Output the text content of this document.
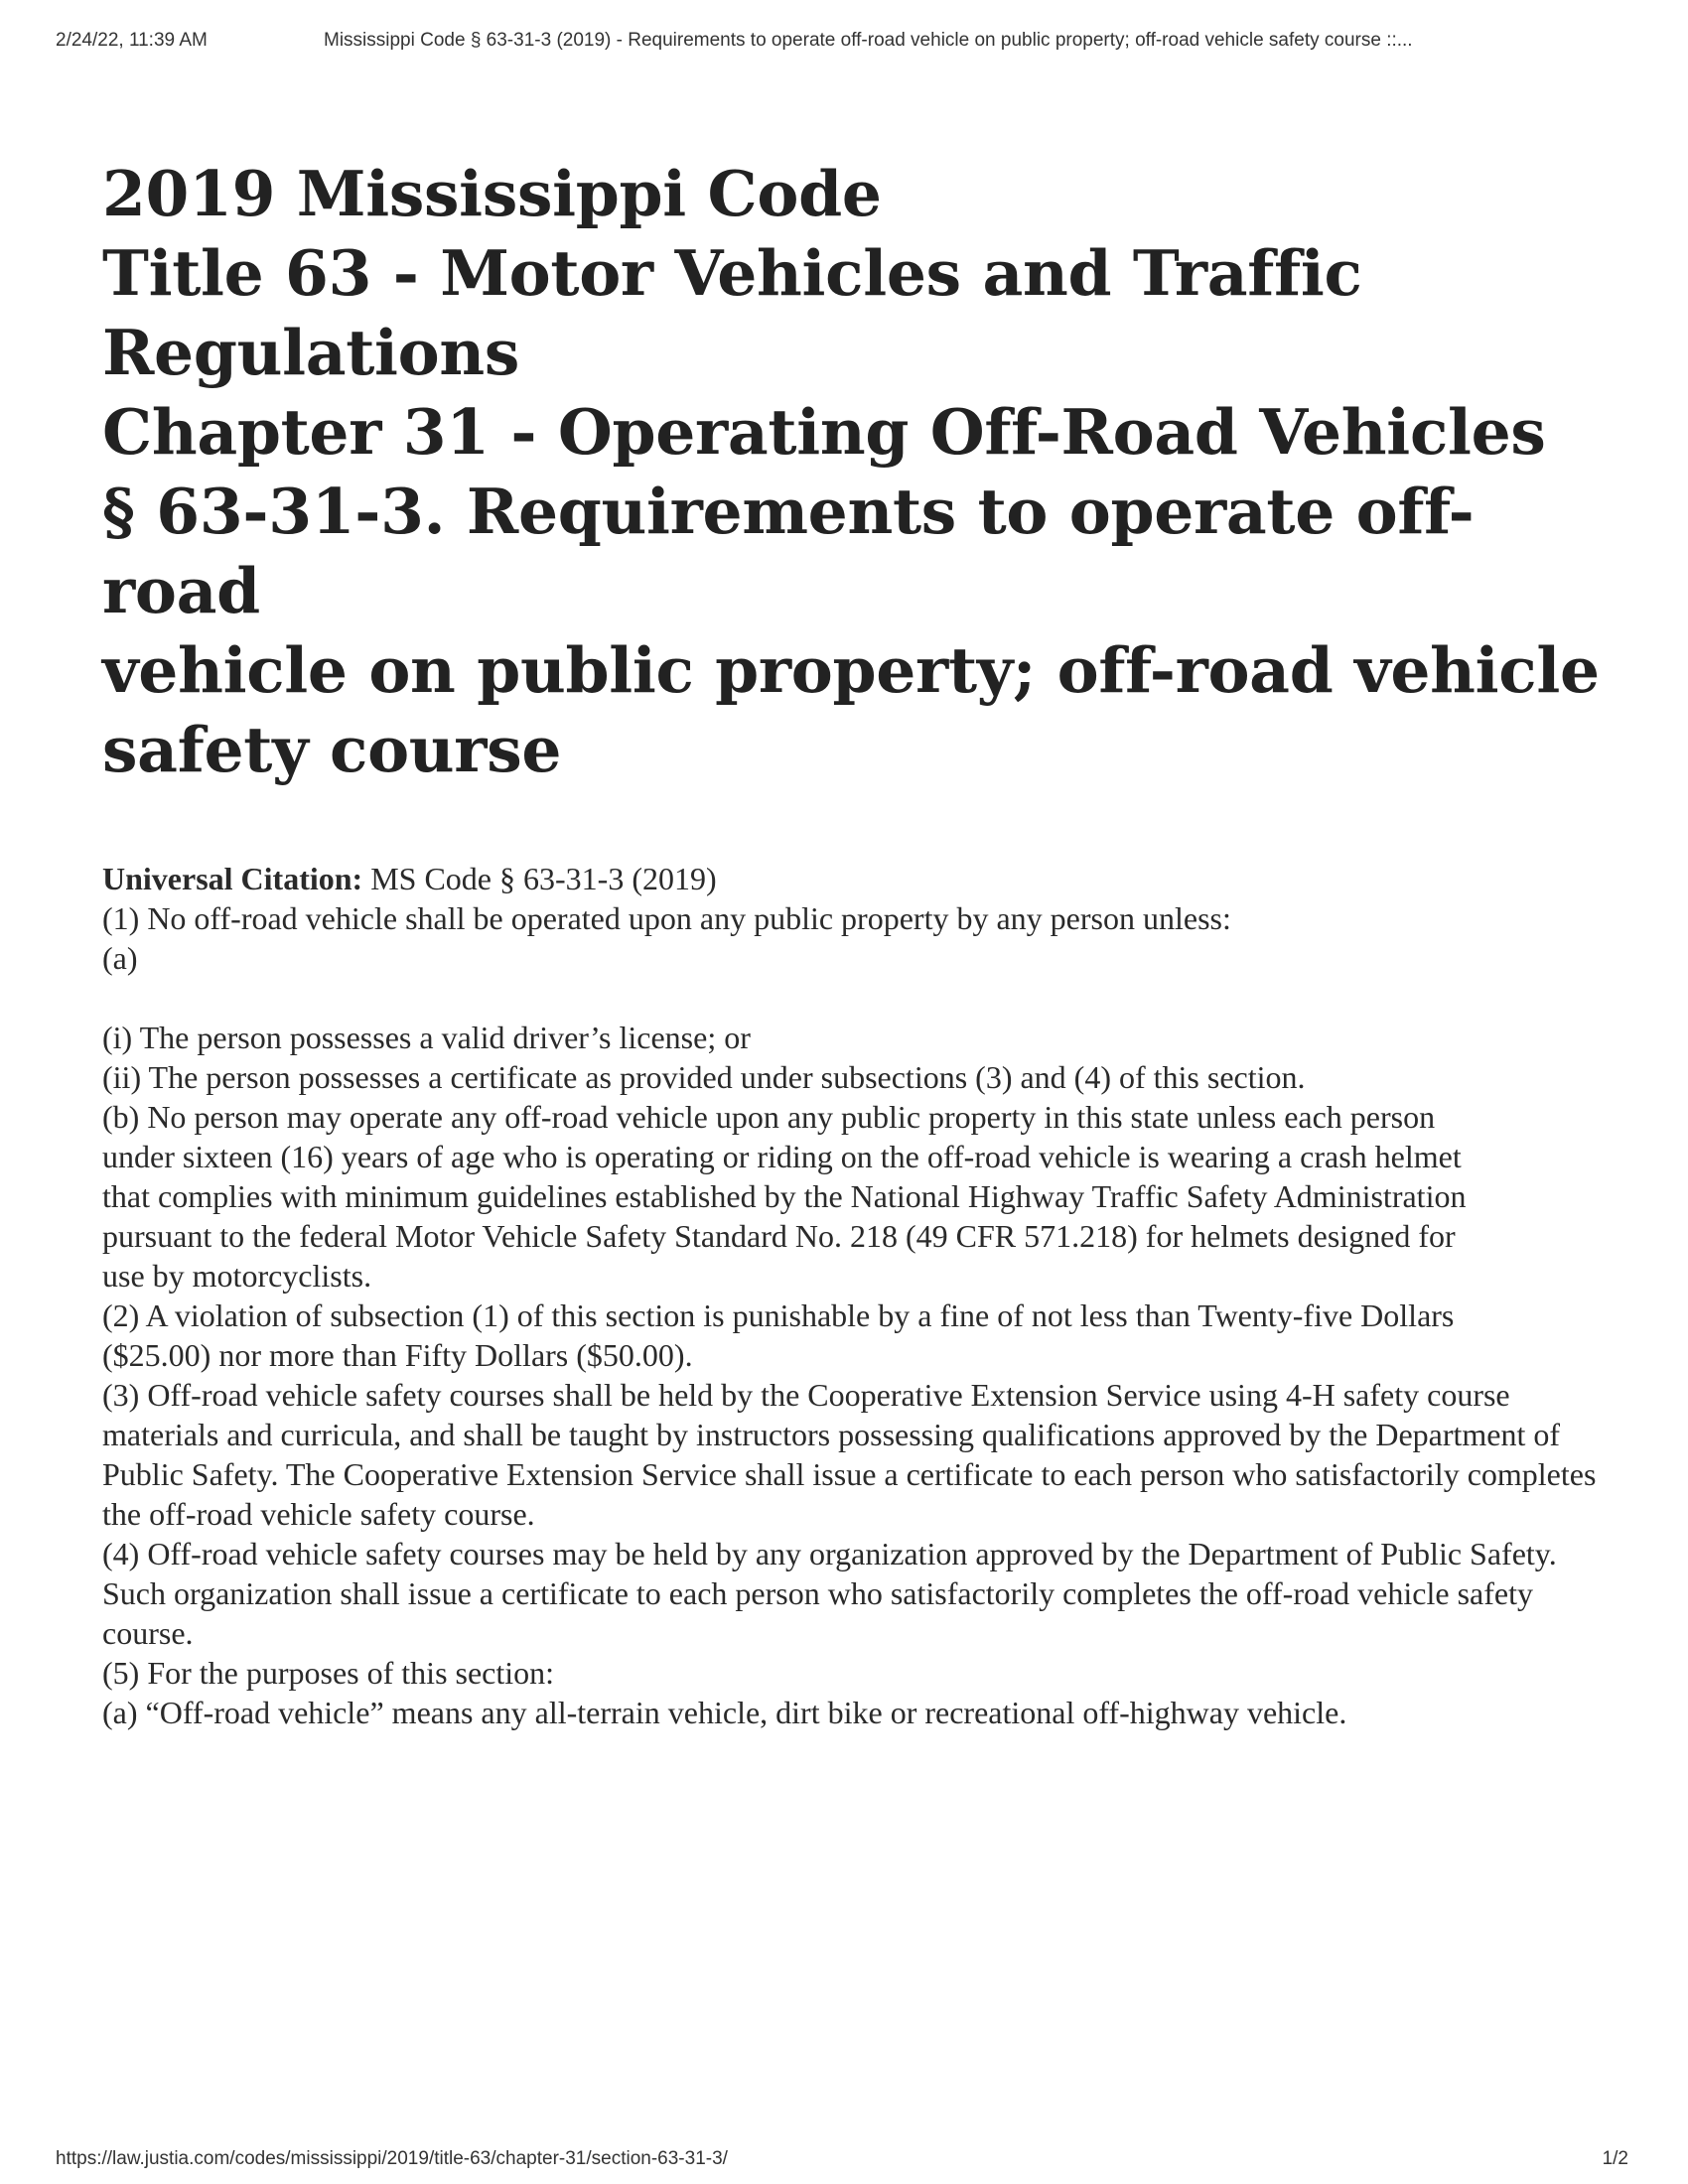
2/24/22, 11:39 AM	Mississippi Code § 63-31-3 (2019) - Requirements to operate off-road vehicle on public property; off-road vehicle safety course ::...
2019 Mississippi Code
Title 63 - Motor Vehicles and Traffic
Regulations
Chapter 31 - Operating Off-Road Vehicles
§ 63-31-3. Requirements to operate off-road
vehicle on public property; off-road vehicle
safety course
Universal Citation: MS Code § 63-31-3 (2019)

(1) No off-road vehicle shall be operated upon any public property by any person unless:

(a)

(i) The person possesses a valid driver’s license; or

(ii) The person possesses a certificate as provided under subsections (3) and (4) of this section.

(b) No person may operate any off-road vehicle upon any public property in this state unless each person under sixteen (16) years of age who is operating or riding on the off-road vehicle is wearing a crash helmet that complies with minimum guidelines established by the National Highway Traffic Safety Administration pursuant to the federal Motor Vehicle Safety Standard No. 218 (49 CFR 571.218) for helmets designed for use by motorcyclists.

(2) A violation of subsection (1) of this section is punishable by a fine of not less than Twenty-five Dollars ($25.00) nor more than Fifty Dollars ($50.00).

(3) Off-road vehicle safety courses shall be held by the Cooperative Extension Service using 4-H safety course materials and curricula, and shall be taught by instructors possessing qualifications approved by the Department of Public Safety. The Cooperative Extension Service shall issue a certificate to each person who satisfactorily completes the off-road vehicle safety course.

(4) Off-road vehicle safety courses may be held by any organization approved by the Department of Public Safety. Such organization shall issue a certificate to each person who satisfactorily completes the off-road vehicle safety course.

(5) For the purposes of this section:

(a) “Off-road vehicle” means any all-terrain vehicle, dirt bike or recreational off-highway vehicle.

https://law.justia.com/codes/mississippi/2019/title-63/chapter-31/section-63-31-3/	1/2
